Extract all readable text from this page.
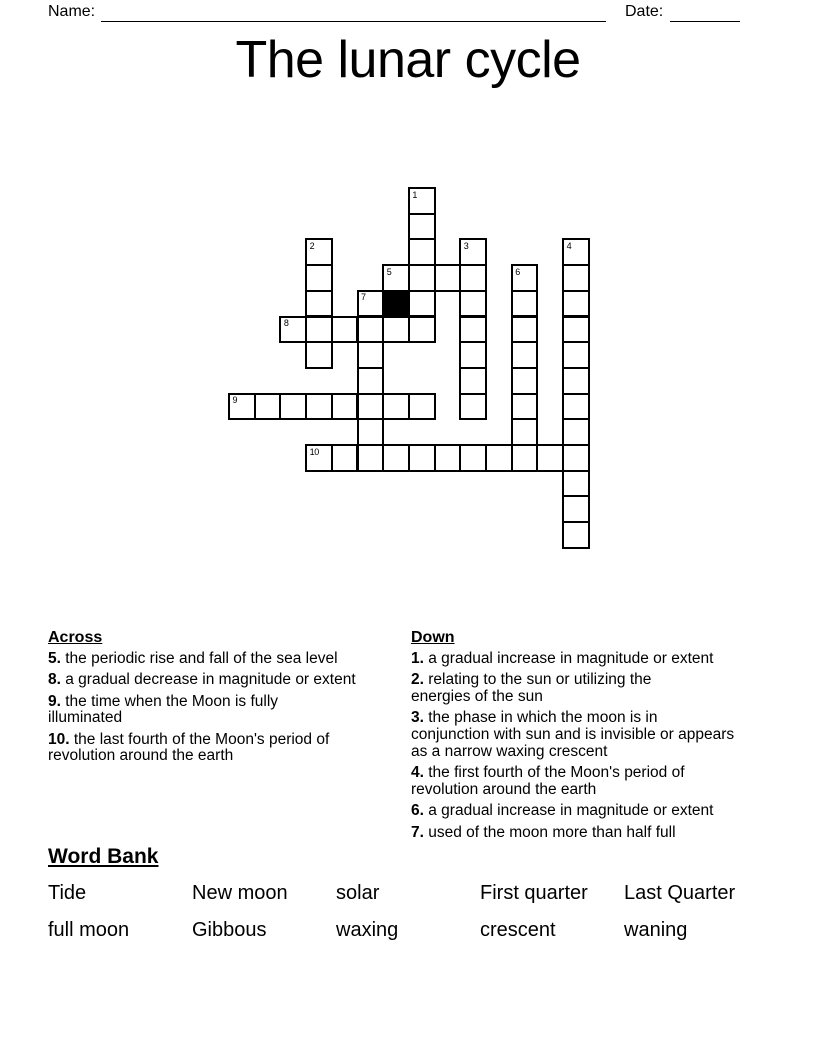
Name:	Date:
The lunar cycle
1
2	3	4
5	6
7
8
9
10
Across

5. the periodic rise and fall of the sea level

8. a gradual decrease in magnitude or extent

9. the time when the Moon is fully
illuminated

10. the last fourth of the Moon's period of
revolution around the earth

Down

1. a gradual increase in magnitude or extent

2. relating to the sun or utilizing the
energies of the sun

3. the phase in which the moon is in
conjunction with sun and is invisible or appears
as a narrow waxing crescent

4. the first fourth of the Moon's period of
revolution around the earth

6. a gradual increase in magnitude or extent

7. used of the moon more than half full

Word Bank
Tide	New moon	solar	First quarter	Last Quarter
full moon	Gibbous	waxing	crescent	waning
